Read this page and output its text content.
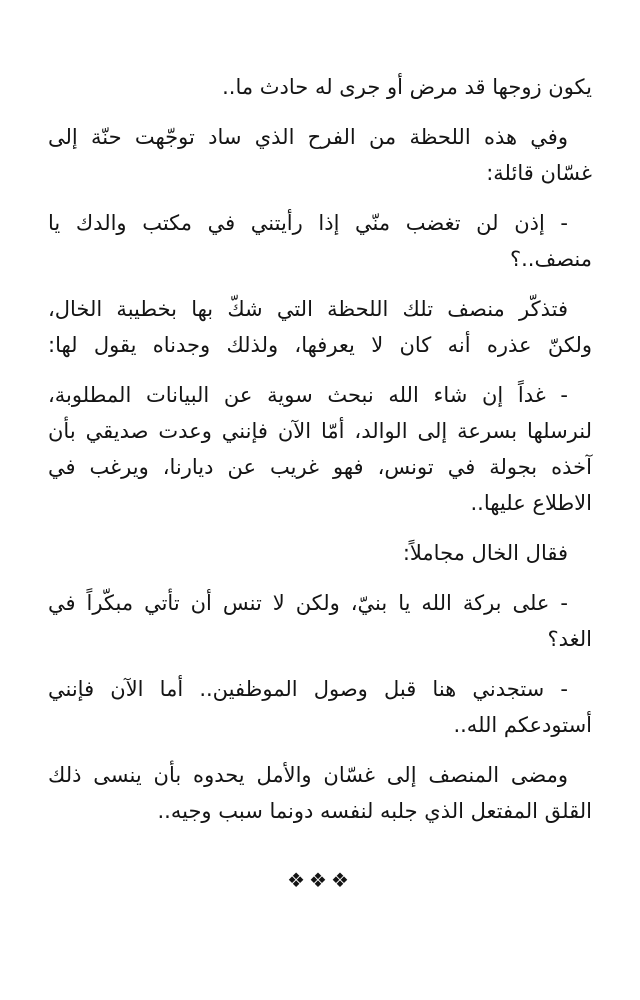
يكون زوجها قد مرض أو جرى له حادث ما..
وفي هذه اللحظة من الفرح الذي ساد توجّهت حنّة إلى
غسّان قائلة:
- إذن لن تغضب منّي إذا رأيتني في مكتب والدك يا
منصف..؟
فتذكّر منصف تلك اللحظة التي شكّ بها بخطيبة الخال،
ولكنّ عذره أنه كان لا يعرفها، ولذلك وجدناه يقول لها:
- غداً إن شاء الله نبحث سوية عن البيانات المطلوبة،
لنرسلها بسرعة إلى الوالد، أمّا الآن فإنني وعدت صديقي بأن
آخذه بجولة في تونس، فهو غريب عن ديارنا، ويرغب في
الاطلاع عليها..
فقال الخال مجاملاً:
- على بركة الله يا بنيّ، ولكن لا تنس أن تأتي مبكّراً في
الغد؟
- ستجدني هنا قبل وصول الموظفين.. أما الآن فإنني
أستودعكم الله..
ومضى المنصف إلى غسّان والأمل يحدوه بأن ينسى ذلك
القلق المفتعل الذي جلبه لنفسه دونما سبب وجيه..
❖❖❖
